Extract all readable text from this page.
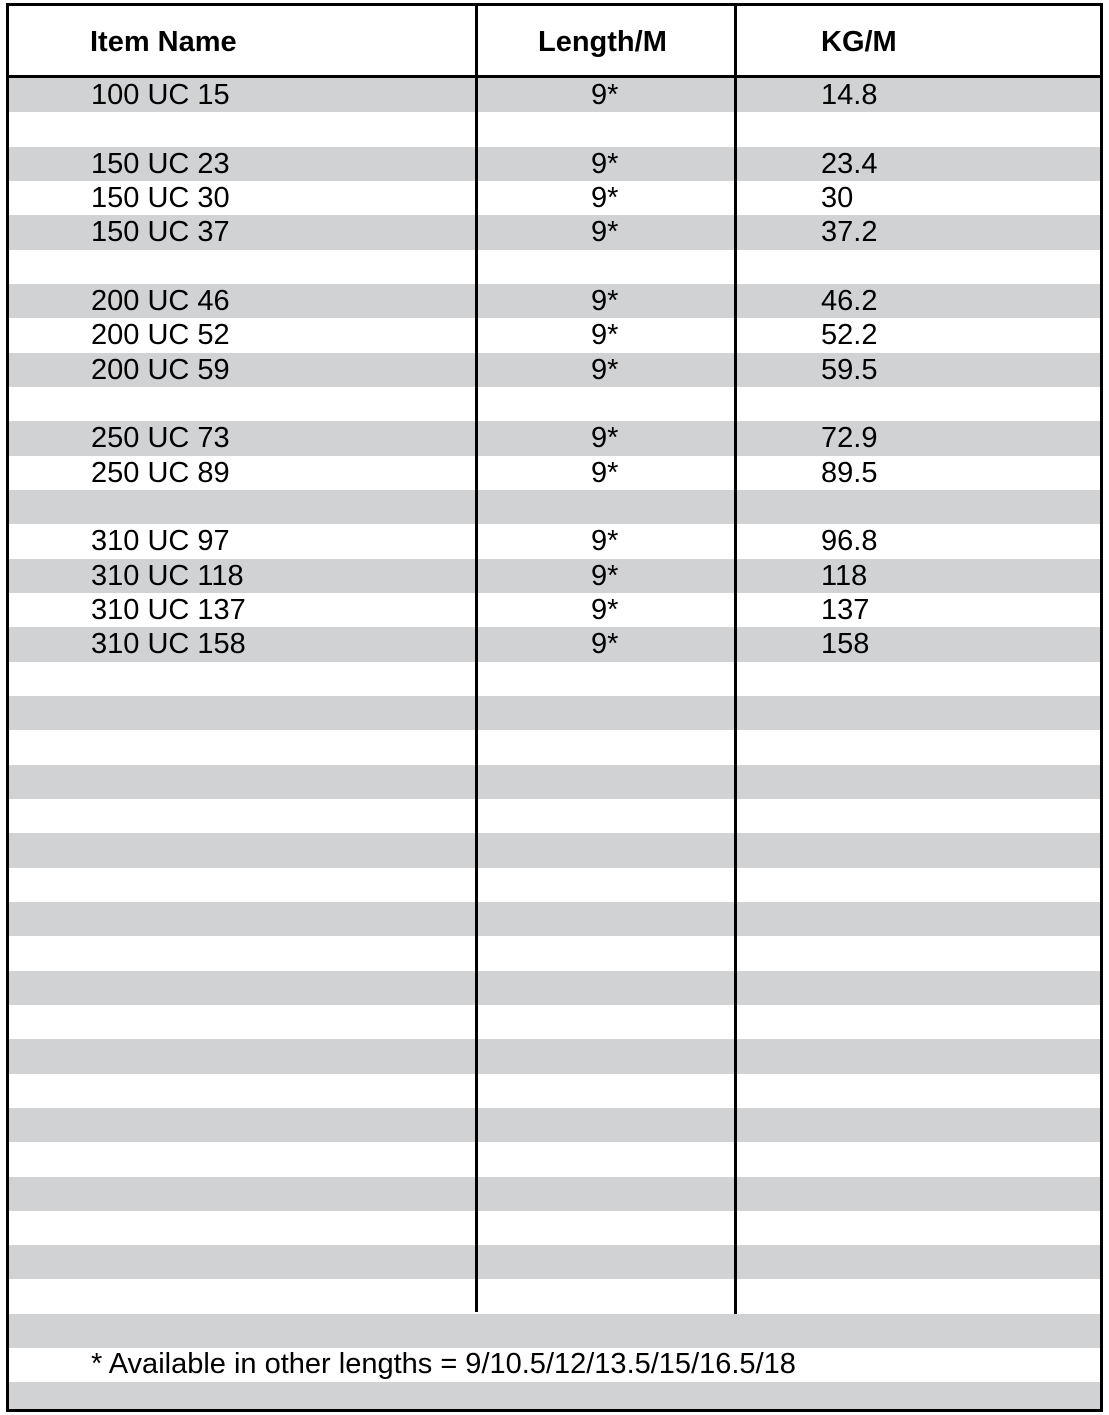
Item Name	Length/M	KG/M
100 UC 15	9*	14.8
150 UC 23	9*	23.4
150 UC 30	9*	30
150 UC 37	9*	37.2
200 UC 46	9*	46.2
200 UC 52	9*	52.2
200 UC 59	9*	59.5
250 UC 73	9*	72.9
250 UC 89	9*	89.5
310 UC 97	9*	96.8
310 UC 118	9*	118
310 UC 137	9*	137
310 UC 158	9*	158
* Available in other lengths = 9/10.5/12/13.5/15/16.5/18
